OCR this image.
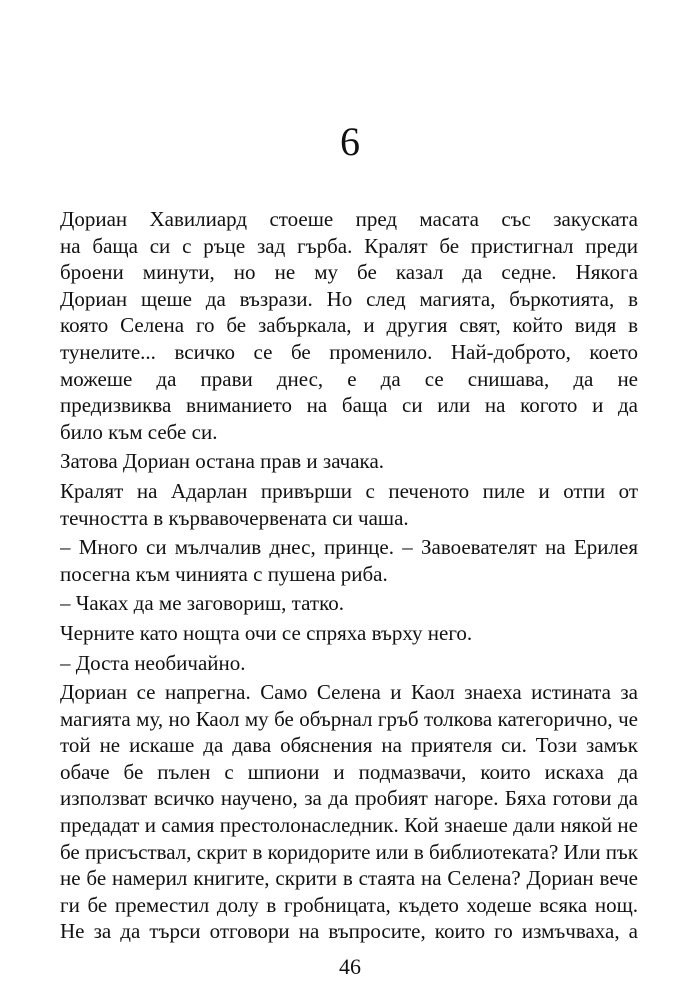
6
Дориан Хавилиард стоеше пред масата със закуската
на баща си с ръце зад гърба. Кралят бе пристигнал преди
броени минути, но не му бе казал да седне. Някога
Дориан щеше да възрази. Но след магията, бъркотията, в
която Селена го бе забъркала, и другия свят, който видя в
тунелите... всичко се бе променило. Най-доброто, което
можеше да прави днес, е да се снишава, да не
предизвиква вниманието на баща си или на когото и да
било към себе си.
Затова Дориан остана прав и зачака.
Кралят на Адарлан привърши с печеното пиле и отпи от
течността в кървавочервената си чаша.
– Много си мълчалив днес, принце. – Завоевателят на Ерилея
посегна към чинията с пушена риба.
– Чаках да ме заговориш, татко.
Черните като нощта очи се спряха върху него.
– Доста необичайно.
Дориан се напрегна. Само Селена и Каол знаеха истината за
магията му, но Каол му бе обърнал гръб толкова категорично, че
той не искаше да дава обяснения на приятеля си. Този замък
обаче бе пълен с шпиони и подмазвачи, които искаха да
използват всичко научено, за да пробият нагоре. Бяха готови да
предадат и самия престолонаследник. Кой знаеше дали някой не
бе присъствал, скрит в коридорите или в библиотеката? Или пък
не бе намерил книгите, скрити в стаята на Селена? Дориан вече
ги бе преместил долу в гробницата, където ходеше всяка нощ.
Не за да търси отговори на въпросите, които го измъчваха, а
46
